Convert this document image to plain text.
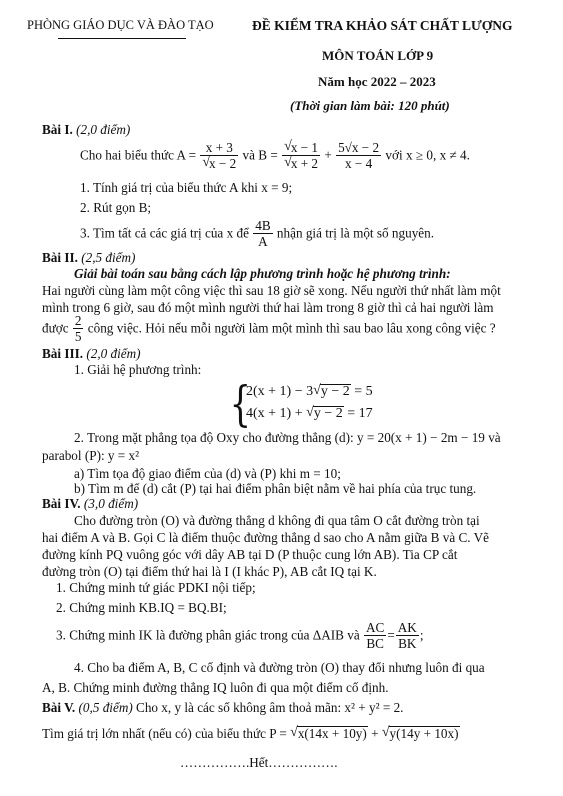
PHÒNG GIÁO DỤC VÀ ĐÀO TẠO	ĐỀ KIỂM TRA KHẢO SÁT CHẤT LƯỢNG
MÔN TOÁN LỚP 9
Năm học 2022 – 2023
(Thời gian làm bài: 120 phút)
Bài I. (2,0 điểm)
Cho hai biểu thức $A = \frac{x + 3}{√x - 2}$ và $B = \frac{√x - 1}{√x + 2} + \frac{5√x - 2}{x - 4}$ với x ≥ 0, x ≠ 4.
1. Tính giá trị của biểu thức A khi x = 9;
2. Rút gọn B;
3. Tìm tất cả các giá trị của x để $\frac{4B}{A}$ nhận giá trị là một số nguyên.
Bài II. (2,5 điểm)
Giải bài toán sau bằng cách lập phương trình hoặc hệ phương trình:
Hai người cùng làm một công việc thì sau 18 giờ sẽ xong. Nếu người thứ nhất làm một
mình trong 6 giờ, sau đó một mình người thứ hai làm trong 8 giờ thì cả hai người làm
được $\frac{2}{5}$ công việc. Hỏi nếu mỗi người làm một mình thì sau bao lâu xong công việc ?
Bài III. (2,0 điểm)
1. Giải hệ phương trình:
{
2(x + 1) − 3√y − 2 = 5
4(x + 1) + √y − 2 = 17
2. Trong mặt phẳng tọa độ Oxy cho đường thẳng (d): y = 20(x + 1) − 2m − 19 và
parabol (P): y = x²
a) Tìm tọa độ giao điểm của (d) và (P) khi m = 10;
b) Tìm m để (d) cắt (P) tại hai điểm phân biệt nằm về hai phía của trục tung.
Bài IV. (3,0 điểm)
Cho đường tròn (O) và đường thẳng d không đi qua tâm O cắt đường tròn tại
hai điểm A và B. Gọi C là điểm thuộc đường thẳng d sao cho A nằm giữa B và C. Vẽ
đường kính PQ vuông góc với dây AB tại D (P thuộc cung lớn AB). Tia CP cắt
đường tròn (O) tại điểm thứ hai là I (I khác P), AB cắt IQ tại K.
1. Chứng minh tứ giác PDKI nội tiếp;
2. Chứng minh KB.IQ = BQ.BI;
3. Chứng minh IK là đường phân giác trong của ΔAIB và $\frac{AC}{BC} = \frac{AK}{BK}$ ;
4. Cho ba điểm A, B, C cố định và đường tròn (O) thay đổi nhưng luôn đi qua
A, B. Chứng minh đường thẳng IQ luôn đi qua một điểm cố định.
Bài V. (0,5 điểm) Cho x, y là các số không âm thoả mãn: x² + y² = 2.
Tìm giá trị lớn nhất (nếu có) của biểu thức P = √x(14x + 10y) + √y(14y + 10x)
…………….Hết…………….
